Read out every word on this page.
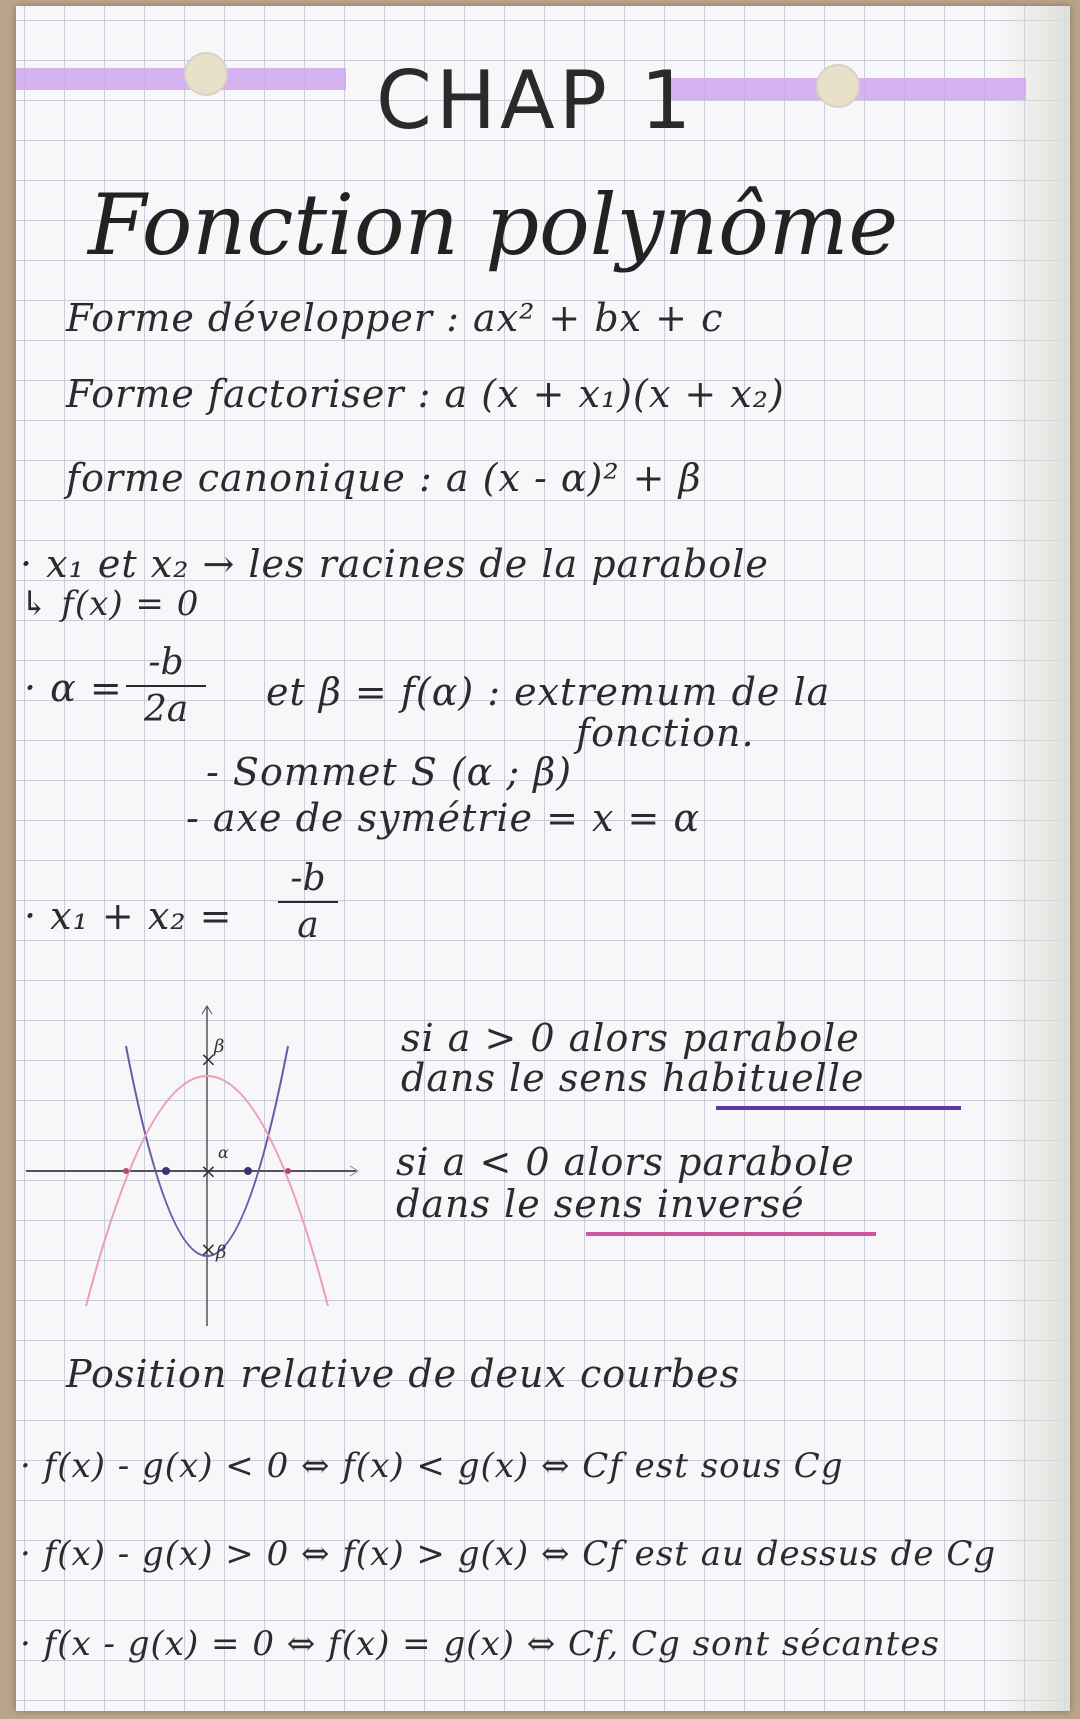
CHAP 1
Fonction polynôme
Forme développer : ax² + bx + c
Forme factoriser : a (x + x₁)(x + x₂)
forme canonique : a (x - α)² + β
· x₁ et x₂ → les racines de la parabole
↳ f(x) = 0
· α =
-b
2a	et β = f(α) : extremum de la
fonction.
- Sommet S (α ; β)
- axe de symétrie = x = α
· x₁ + x₂ =
-b
a
×
×
×
β
α
β
si a > 0 alors parabole
dans le sens habituelle
si a < 0 alors parabole
dans le sens inversé
Position relative de deux courbes
· f(x) - g(x) < 0 ⇔ f(x) < g(x) ⇔ Cf est sous Cg
· f(x) - g(x) > 0 ⇔ f(x) > g(x) ⇔ Cf est au dessus de Cg
· f(x - g(x) = 0 ⇔ f(x) = g(x) ⇔ Cf, Cg sont sécantes
